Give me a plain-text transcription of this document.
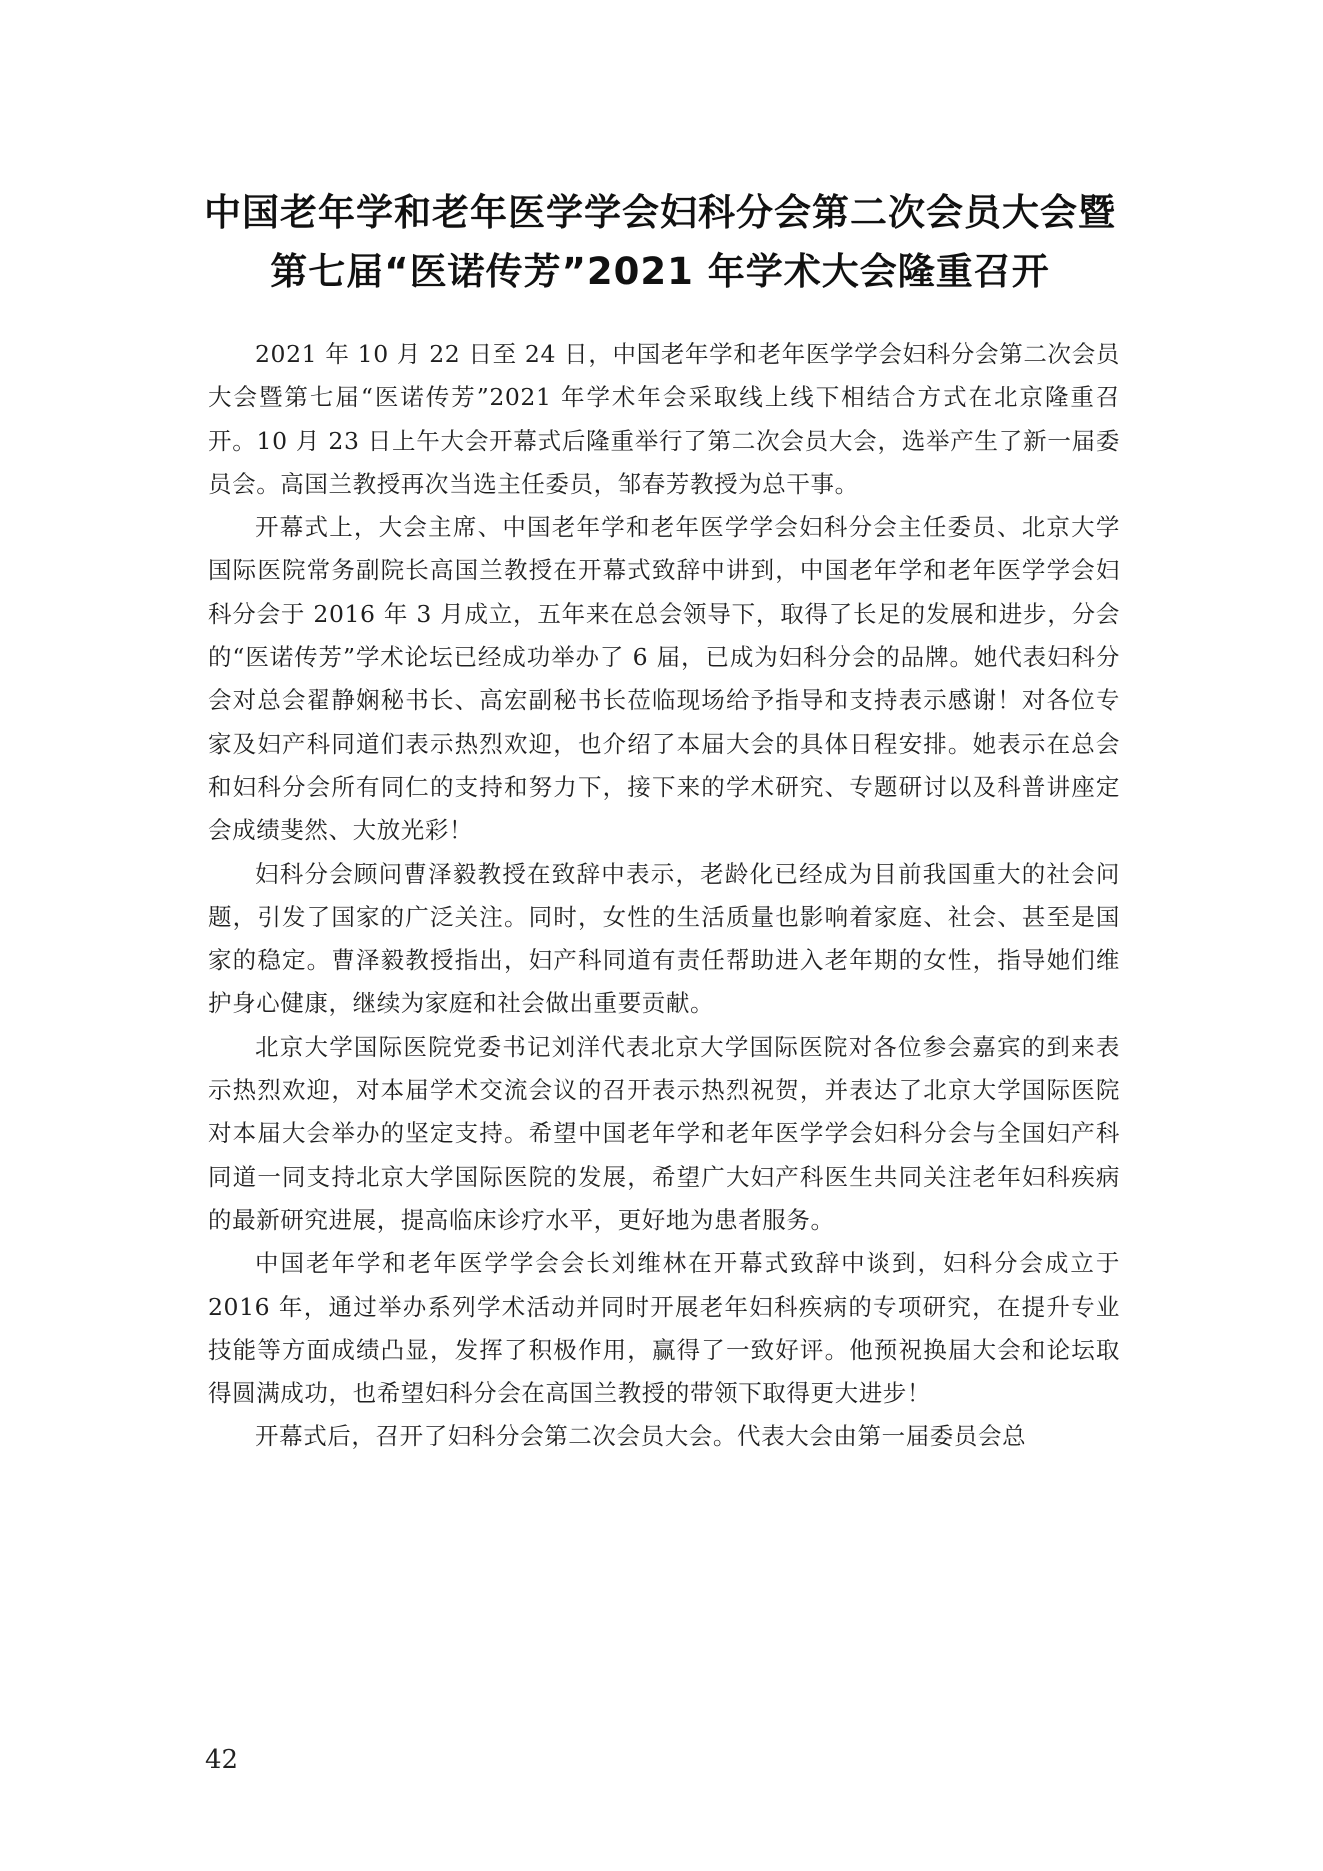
中国老年学和老年医学学会妇科分会第二次会员大会暨
第七届“医诺传芳”2021 年学术大会隆重召开

2021 年 10 月 22 日至 24 日，中国老年学和老年医学学会妇科分会第二次会员大会暨第七届“医诺传芳”2021 年学术年会采取线上线下相结合方式在北京隆重召开。10 月 23 日上午大会开幕式后隆重举行了第二次会员大会，选举产生了新一届委员会。高国兰教授再次当选主任委员，邹春芳教授为总干事。

开幕式上，大会主席、中国老年学和老年医学学会妇科分会主任委员、北京大学国际医院常务副院长高国兰教授在开幕式致辞中讲到，中国老年学和老年医学学会妇科分会于 2016 年 3 月成立，五年来在总会领导下，取得了长足的发展和进步，分会的“医诺传芳”学术论坛已经成功举办了 6 届，已成为妇科分会的品牌。她代表妇科分会对总会翟静娴秘书长、高宏副秘书长莅临现场给予指导和支持表示感谢！对各位专家及妇产科同道们表示热烈欢迎，也介绍了本届大会的具体日程安排。她表示在总会和妇科分会所有同仁的支持和努力下，接下来的学术研究、专题研讨以及科普讲座定会成绩斐然、大放光彩！

妇科分会顾问曹泽毅教授在致辞中表示，老龄化已经成为目前我国重大的社会问题，引发了国家的广泛关注。同时，女性的生活质量也影响着家庭、社会、甚至是国家的稳定。曹泽毅教授指出，妇产科同道有责任帮助进入老年期的女性，指导她们维护身心健康，继续为家庭和社会做出重要贡献。

北京大学国际医院党委书记刘洋代表北京大学国际医院对各位参会嘉宾的到来表示热烈欢迎，对本届学术交流会议的召开表示热烈祝贺，并表达了北京大学国际医院对本届大会举办的坚定支持。希望中国老年学和老年医学学会妇科分会与全国妇产科同道一同支持北京大学国际医院的发展，希望广大妇产科医生共同关注老年妇科疾病的最新研究进展，提高临床诊疗水平，更好地为患者服务。

中国老年学和老年医学学会会长刘维林在开幕式致辞中谈到，妇科分会成立于 2016 年，通过举办系列学术活动并同时开展老年妇科疾病的专项研究，在提升专业技能等方面成绩凸显，发挥了积极作用，赢得了一致好评。他预祝换届大会和论坛取得圆满成功，也希望妇科分会在高国兰教授的带领下取得更大进步！

开幕式后，召开了妇科分会第二次会员大会。代表大会由第一届委员会总

42
